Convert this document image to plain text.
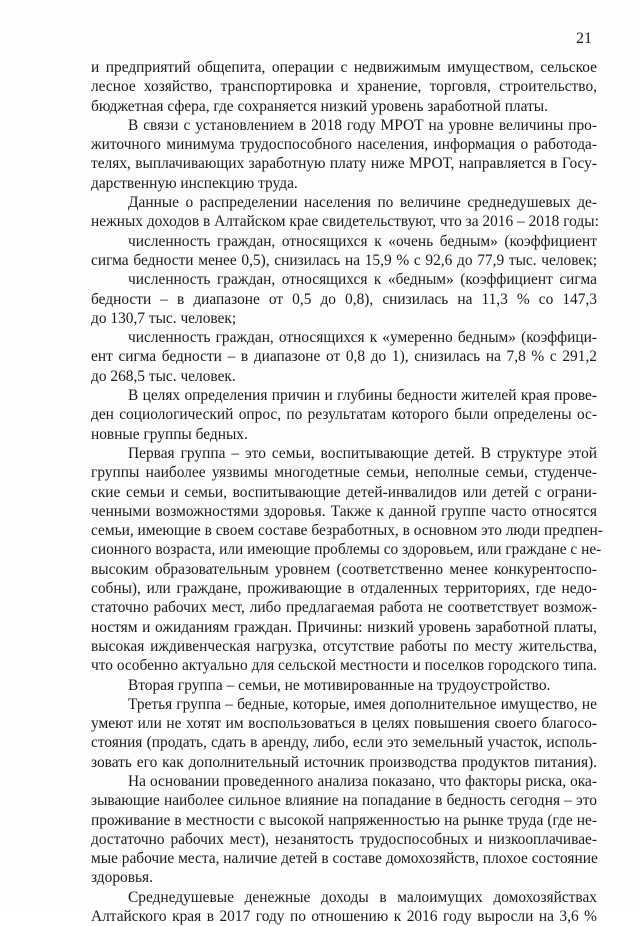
21
и предприятий общепита, операции с недвижимым имуществом, сельское
лесное хозяйство, транспортировка и хранение, торговля, строительство,
бюджетная сфера, где сохраняется низкий уровень заработной платы.
В связи с установлением в 2018 году МРОТ на уровне величины про-
житочного минимума трудоспособного населения, информация о работода-
телях, выплачивающих заработную плату ниже МРОТ, направляется в Госу-
дарственную инспекцию труда.
Данные о распределении населения по величине среднедушевых де-
нежных доходов в Алтайском крае свидетельствуют, что за 2016 – 2018 годы:
численность граждан, относящихся к «очень бедным» (коэффициент
сигма бедности менее 0,5), снизилась на 15,9 % с 92,6 до 77,9 тыс. человек;
численность граждан, относящихся к «бедным» (коэффициент сигма
бедности – в диапазоне от 0,5 до 0,8), снизилась на 11,3 % со 147,3
до 130,7 тыс. человек;
численность граждан, относящихся к «умеренно бедным» (коэффици-
ент сигма бедности – в диапазоне от 0,8 до 1), снизилась на 7,8 % с 291,2
до 268,5 тыс. человек.
В целях определения причин и глубины бедности жителей края прове-
ден социологический опрос, по результатам которого были определены ос-
новные группы бедных.
Первая группа – это семьи, воспитывающие детей. В структуре этой
группы наиболее уязвимы многодетные семьи, неполные семьи, студенче-
ские семьи и семьи, воспитывающие детей-инвалидов или детей с ограни-
ченными возможностями здоровья. Также к данной группе часто относятся
семьи, имеющие в своем составе безработных, в основном это люди предпен-
сионного возраста, или имеющие проблемы со здоровьем, или граждане с не-
высоким образовательным уровнем (соответственно менее конкурентоспо-
собны), или граждане, проживающие в отдаленных территориях, где недо-
статочно рабочих мест, либо предлагаемая работа не соответствует возмож-
ностям и ожиданиям граждан. Причины: низкий уровень заработной платы,
высокая иждивенческая нагрузка, отсутствие работы по месту жительства,
что особенно актуально для сельской местности и поселков городского типа.
Вторая группа – семьи, не мотивированные на трудоустройство.
Третья группа – бедные, которые, имея дополнительное имущество, не
умеют или не хотят им воспользоваться в целях повышения своего благосо-
стояния (продать, сдать в аренду, либо, если это земельный участок, исполь-
зовать его как дополнительный источник производства продуктов питания).
На основании проведенного анализа показано, что факторы риска, ока-
зывающие наиболее сильное влияние на попадание в бедность сегодня – это
проживание в местности с высокой напряженностью на рынке труда (где не-
достаточно рабочих мест), незанятость трудоспособных и низкооплачивае-
мые рабочие места, наличие детей в составе домохозяйств, плохое состояние
здоровья.
Среднедушевые денежные доходы в малоимущих домохозяйствах
Алтайского края в 2017 году по отношению к 2016 году выросли на 3,6 %
